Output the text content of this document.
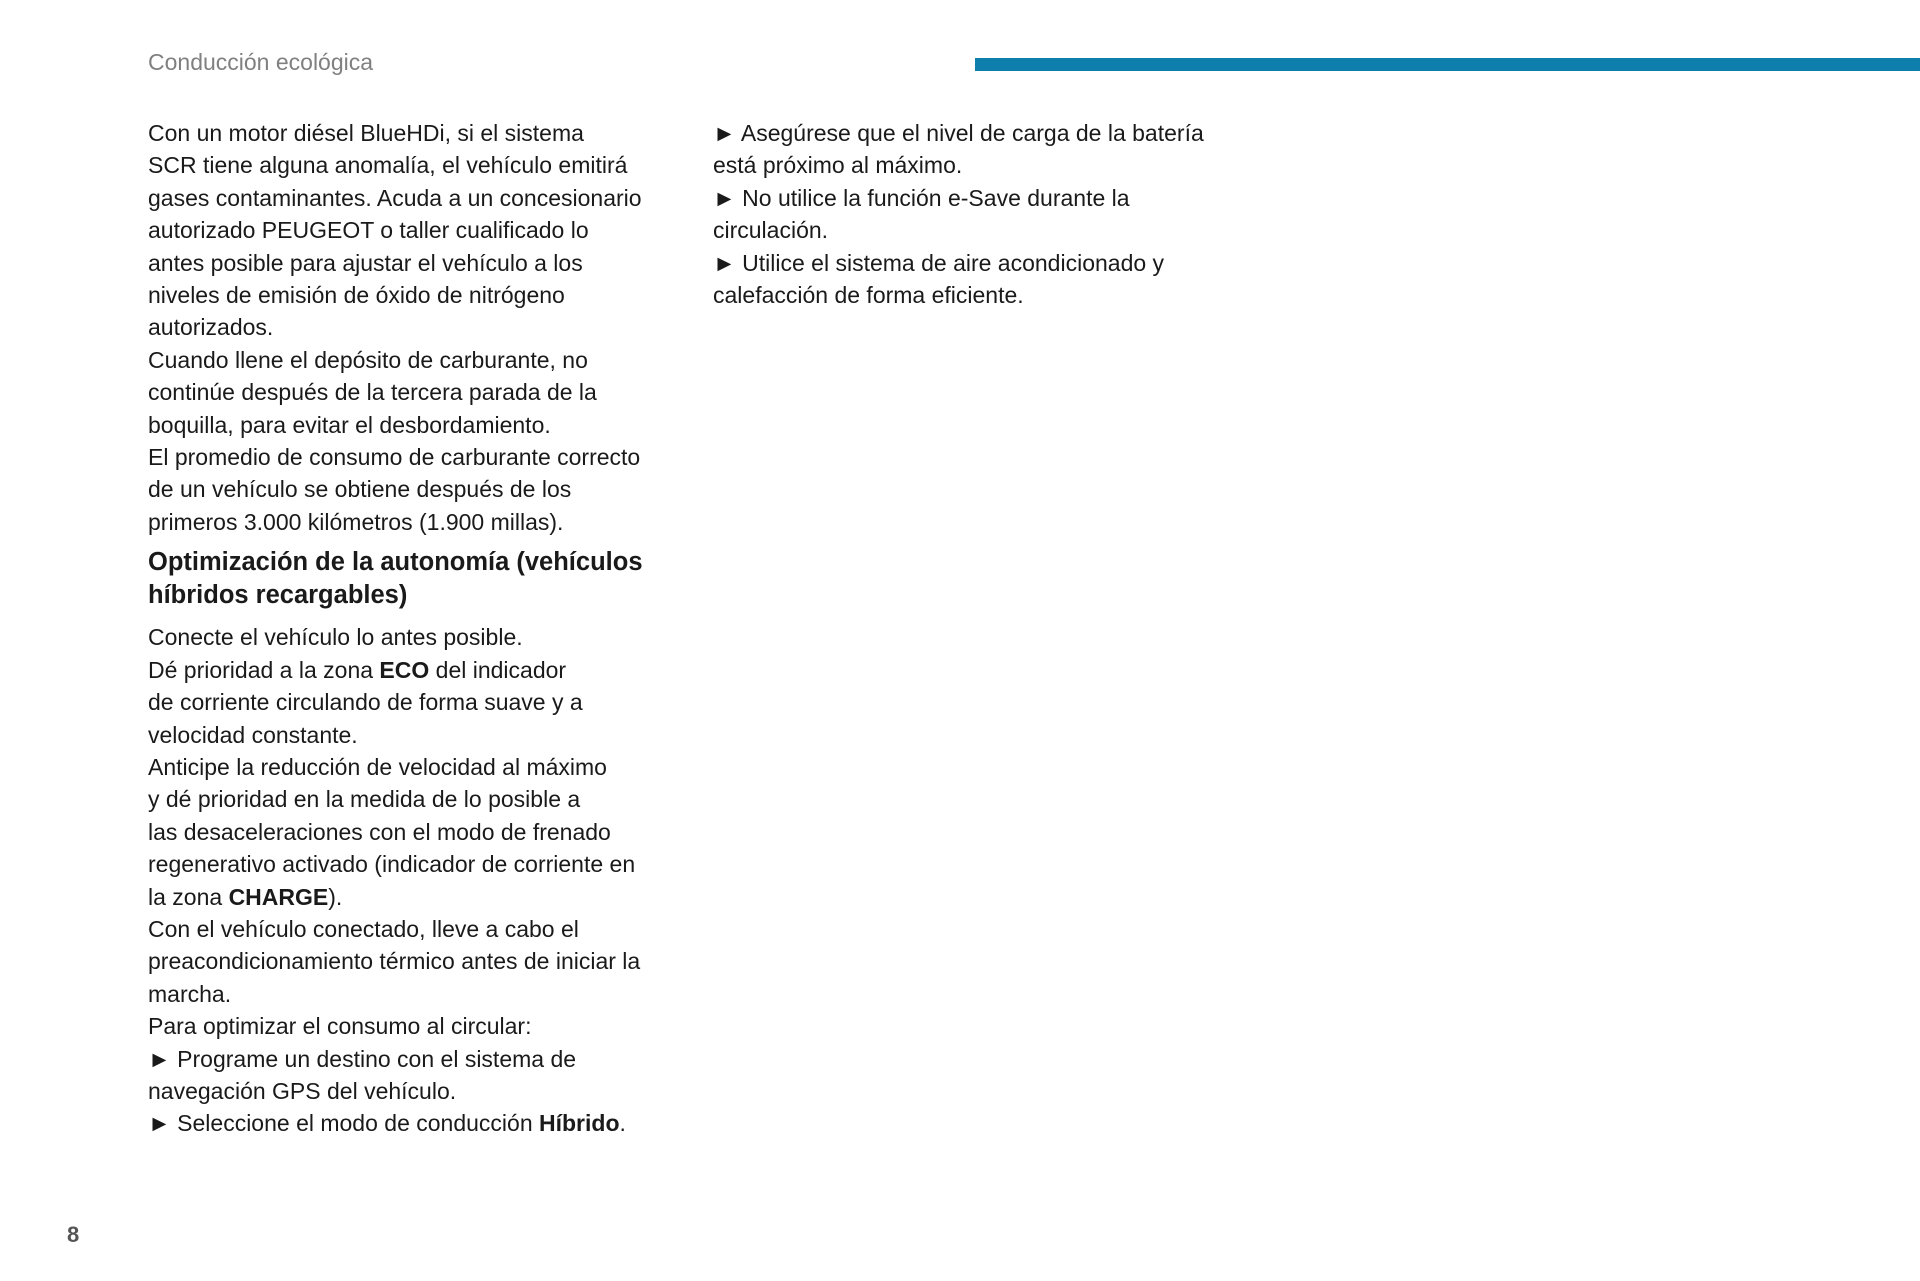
Conducción ecológica
Con un motor diésel BlueHDi, si el sistema
SCR tiene alguna anomalía, el vehículo emitirá
gases contaminantes. Acuda a un concesionario
autorizado PEUGEOT o taller cualificado lo
antes posible para ajustar el vehículo a los
niveles de emisión de óxido de nitrógeno
autorizados.
Cuando llene el depósito de carburante, no
continúe después de la tercera parada de la
boquilla, para evitar el desbordamiento.
El promedio de consumo de carburante correcto
de un vehículo se obtiene después de los
primeros 3.000 kilómetros (1.900 millas).
Optimización de la autonomía (vehículos
híbridos recargables)
Conecte el vehículo lo antes posible.
Dé prioridad a la zona ECO del indicador
de corriente circulando de forma suave y a
velocidad constante.
Anticipe la reducción de velocidad al máximo
y dé prioridad en la medida de lo posible a
las desaceleraciones con el modo de frenado
regenerativo activado (indicador de corriente en
la zona CHARGE).
Con el vehículo conectado, lleve a cabo el
preacondicionamiento térmico antes de iniciar la
marcha.
Para optimizar el consumo al circular:
► Programe un destino con el sistema de
navegación GPS del vehículo.
► Seleccione el modo de conducción Híbrido.
► Asegúrese que el nivel de carga de la batería
está próximo al máximo.
► No utilice la función e-Save durante la
circulación.
► Utilice el sistema de aire acondicionado y
calefacción de forma eficiente.
8
